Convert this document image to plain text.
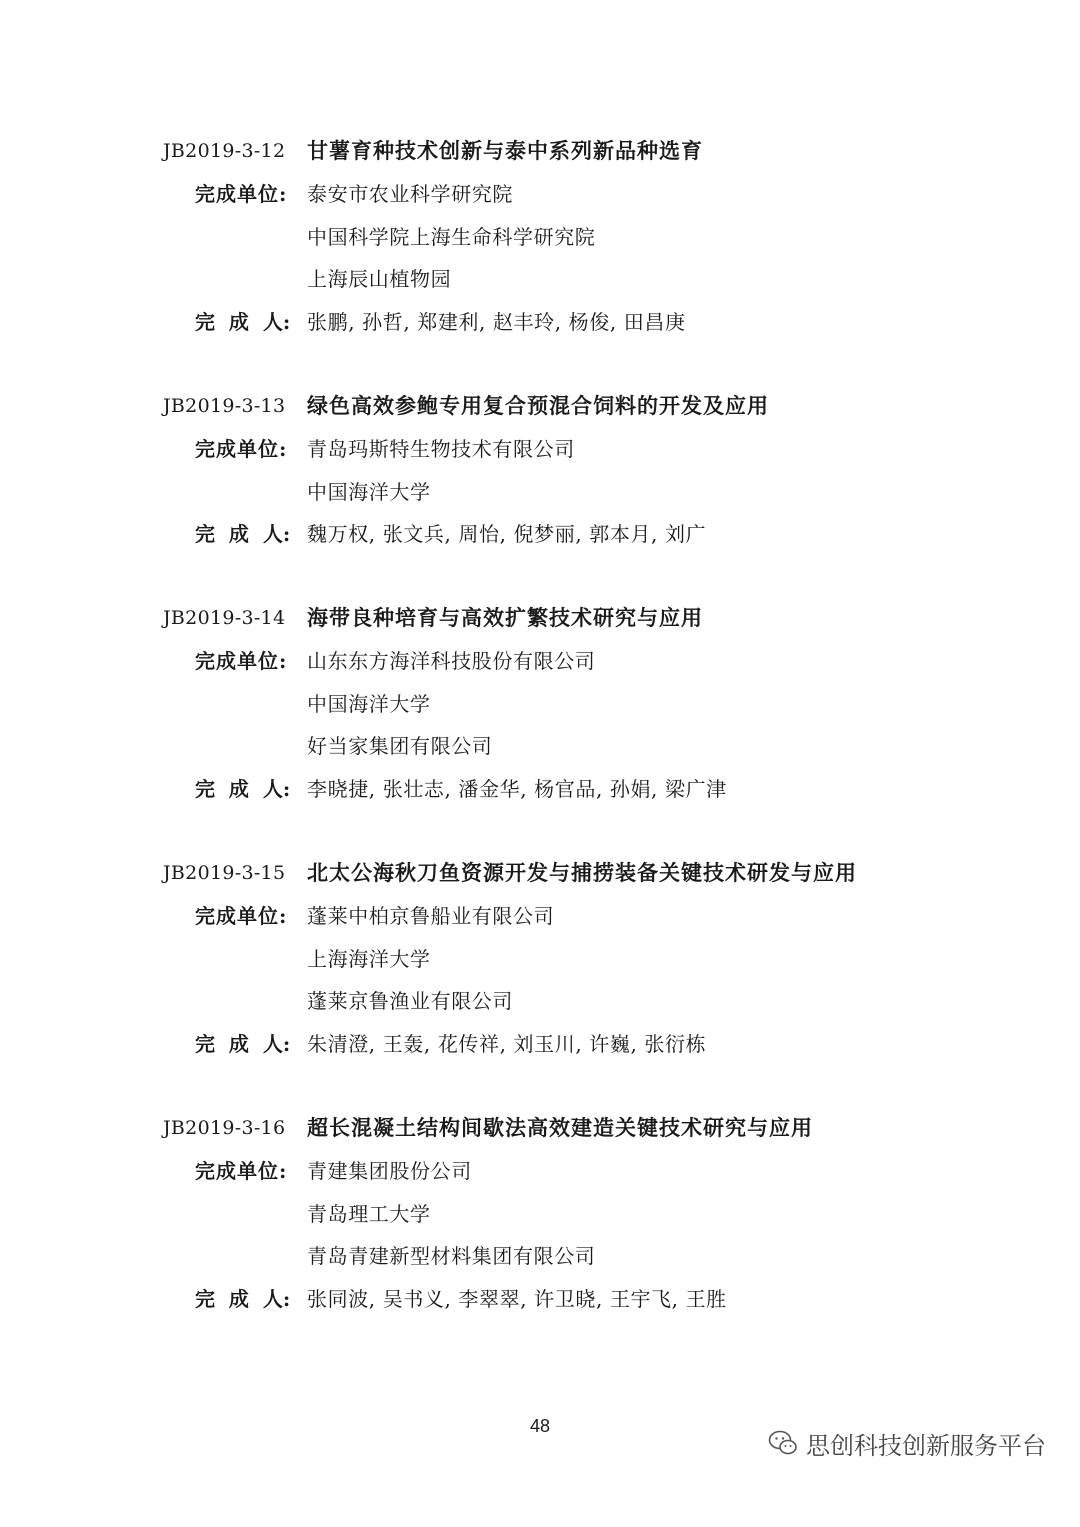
JB2019-3-12 甘薯育种技术创新与泰中系列新品种选育
完成单位: 泰安市农业科学研究院
中国科学院上海生命科学研究院
上海辰山植物园
完  成  人: 张鹏, 孙哲, 郑建利, 赵丰玲, 杨俊, 田昌庚
JB2019-3-13 绿色高效参鲍专用复合预混合饲料的开发及应用
完成单位: 青岛玛斯特生物技术有限公司
中国海洋大学
完  成  人: 魏万权, 张文兵, 周怡, 倪梦丽, 郭本月, 刘广
JB2019-3-14 海带良种培育与高效扩繁技术研究与应用
完成单位: 山东东方海洋科技股份有限公司
中国海洋大学
好当家集团有限公司
完  成  人: 李晓捷, 张壮志, 潘金华, 杨官品, 孙娟, 梁广津
JB2019-3-15 北太公海秋刀鱼资源开发与捕捞装备关键技术研发与应用
完成单位: 蓬莱中柏京鲁船业有限公司
上海海洋大学
蓬莱京鲁渔业有限公司
完  成  人: 朱清澄, 王轰, 花传祥, 刘玉川, 许巍, 张衍栋
JB2019-3-16 超长混凝土结构间歇法高效建造关键技术研究与应用
完成单位: 青建集团股份公司
青岛理工大学
青岛青建新型材料集团有限公司
完  成  人: 张同波, 吴书义, 李翠翠, 许卫晓, 王宇飞, 王胜
48
思创科技创新服务平台
